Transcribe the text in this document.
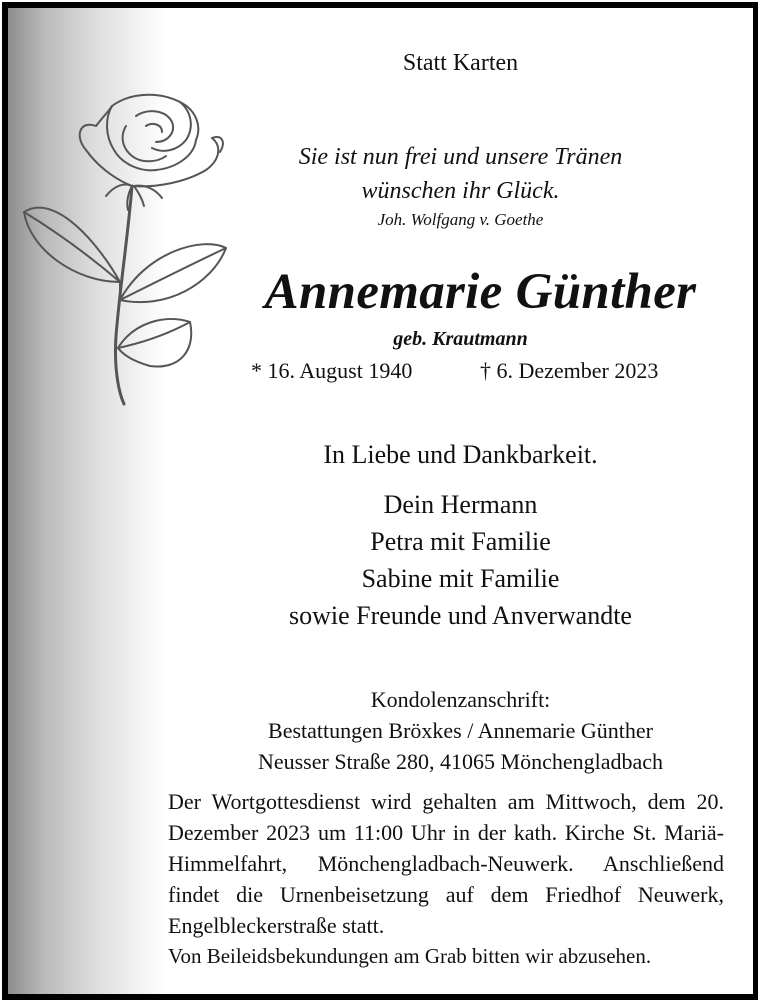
Statt Karten
Sie ist nun frei und unsere Tränen
wünschen ihr Glück.
Joh. Wolfgang v. Goethe
Annemarie Günther
geb. Krautmann
* 16. August 1940	† 6. Dezember 2023
In Liebe und Dankbarkeit.
Dein Hermann
Petra mit Familie
Sabine mit Familie
sowie Freunde und Anverwandte
Kondolenzanschrift:
Bestattungen Bröxkes / Annemarie Günther
Neusser Straße 280, 41065 Mönchengladbach
Der Wortgottesdienst wird gehalten am Mittwoch, dem 20. Dezember 2023 um 11:00 Uhr in der kath. Kirche St. Mariä-Himmelfahrt, Mönchengladbach-Neuwerk. Anschließend findet die Urnenbeisetzung auf dem Friedhof Neuwerk, Engelbleckerstraße statt.
Von Beileidsbekundungen am Grab bitten wir abzusehen.
